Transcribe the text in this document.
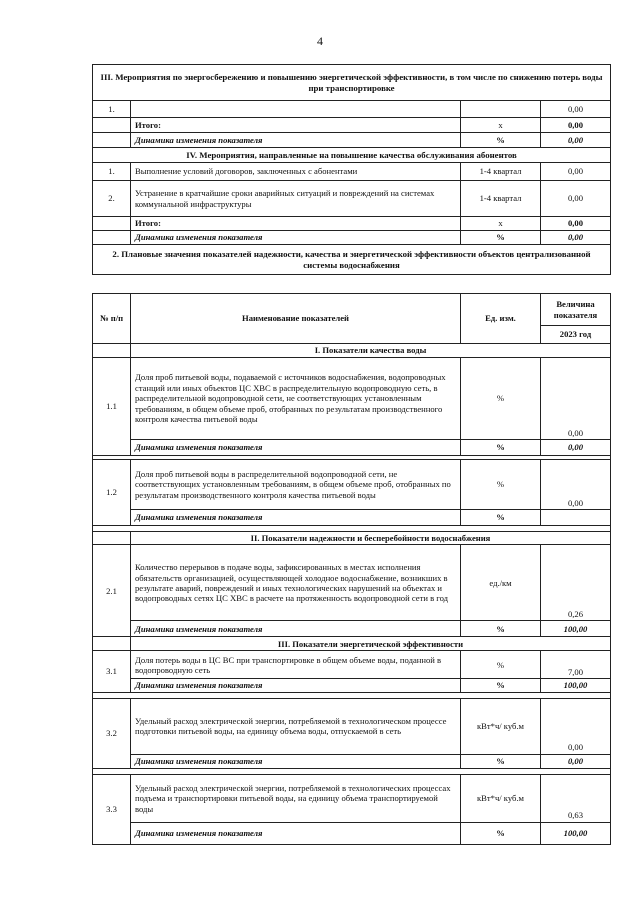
4
III. Мероприятия по энергосбережению и повышению энергетической эффективности, в том числе по снижению потерь воды при транспортировке			
1.			0,00
	Итого:	х	0,00
	Динамика изменения показателя	%	0,00
IV. Мероприятия, направленные на повышение качества обслуживания абонентов			
1.	Выполнение условий договоров, заключенных с абонентами	1-4 квартал	0,00
2.	Устранение в кратчайшие сроки аварийных ситуаций и повреждений на системах коммунальной инфраструктуры	1-4 квартал	0,00
	Итого:	х	0,00
	Динамика изменения показателя	%	0,00
2. Плановые значения показателей надежности, качества и энергетической эффективности объектов централизованной системы водоснабжения			
№ п/п	Наименование показателей	Ед. изм.	Величина показателя
			2023 год
	I. Показатели качества воды		
1.1	Доля проб питьевой воды, подаваемой с источников водоснабжения, водопроводных станций или иных объектов ЦС ХВС в распределительную водопроводную сеть, в распределительной водопроводной сети, не соответствующих установленным требованиям, в общем объеме проб, отобранных по результатам производственного контроля качества питьевой воды	%	0,00
	Динамика изменения показателя	%	0,00

1.2	Доля проб питьевой воды в распределительной водопроводной сети, не соответствующих установленным требованиям, в общем объеме проб, отобранных по результатам производственного контроля качества питьевой воды	%	0,00
	Динамика изменения показателя	%	

	II. Показатели надежности и бесперебойности водоснабжения		
2.1	Количество перерывов в подаче воды, зафиксированных в местах исполнения обязательств организацией, осуществляющей холодное водоснабжение, возникших в результате аварий, повреждений и иных технологических нарушений на объектах и водопроводных сетях ЦС ХВС в расчете на протяженность водопроводной сети в год	ед./км	0,26
	Динамика изменения показателя	%	100,00
	III. Показатели энергетической эффективности		
3.1	Доля потерь воды в ЦС ВС при транспортировке в общем объеме воды, поданной в водопроводную сеть	%	7,00
	Динамика изменения показателя	%	100,00

3.2	Удельный расход электрической энергии, потребляемой в технологическом процессе подготовки питьевой воды, на единицу объема воды, отпускаемой в сеть	кВт*ч/ куб.м	0,00
	Динамика изменения показателя	%	0,00

3.3	Удельный расход электрической энергии, потребляемой в технологических процессах подъема и транспортировки питьевой воды, на единицу объема транспортируемой воды	кВт*ч/ куб.м	0,63
	Динамика изменения показателя	%	100,00
